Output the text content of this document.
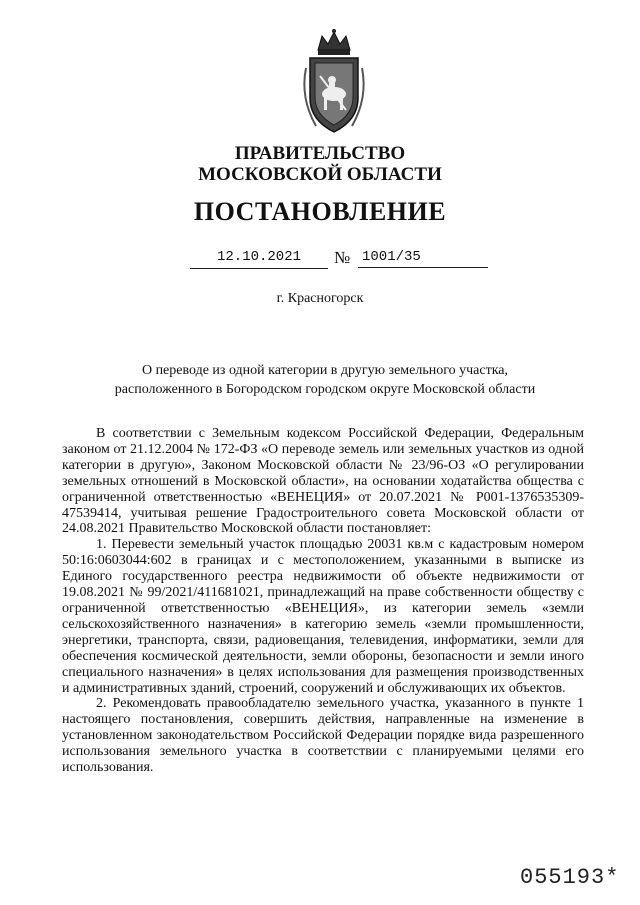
ПРАВИТЕЛЬСТВО
МОСКОВСКОЙ ОБЛАСТИ
ПОСТАНОВЛЕНИЕ
12.10.2021	№ 1001/35
г. Красногорск
О переводе из одной категории в другую земельного участка,
расположенного в Богородском городском округе Московской области

В соответствии с Земельным кодексом Российской Федерации, Федеральным законом от 21.12.2004 № 172-ФЗ «О переводе земель или земельных участков из одной категории в другую», Законом Московской области № 23/96-ОЗ «О регулировании земельных отношений в Московской области», на основании ходатайства общества с ограниченной ответственностью «ВЕНЕЦИЯ» от 20.07.2021 № Р001-1376535309-47539414, учитывая решение Градостроительного совета Московской области от 24.08.2021 Правительство Московской области постановляет:

1. Перевести земельный участок площадью 20031 кв.м с кадастровым номером 50:16:0603044:602 в границах и с местоположением, указанными в выписке из Единого государственного реестра недвижимости об объекте недвижимости от 19.08.2021 № 99/2021/411681021, принадлежащий на праве собственности обществу с ограниченной ответственностью «ВЕНЕЦИЯ», из категории земель «земли сельскохозяйственного назначения» в категорию земель «земли промышленности, энергетики, транспорта, связи, радиовещания, телевидения, информатики, земли для обеспечения космической деятельности, земли обороны, безопасности и земли иного специального назначения» в целях использования для размещения производственных и административных зданий, строений, сооружений и обслуживающих их объектов.

2. Рекомендовать правообладателю земельного участка, указанного в пункте 1 настоящего постановления, совершить действия, направленные на изменение в установленном законодательством Российской Федерации порядке вида разрешенного использования земельного участка в соответствии с планируемыми целями его использования.

055193*
